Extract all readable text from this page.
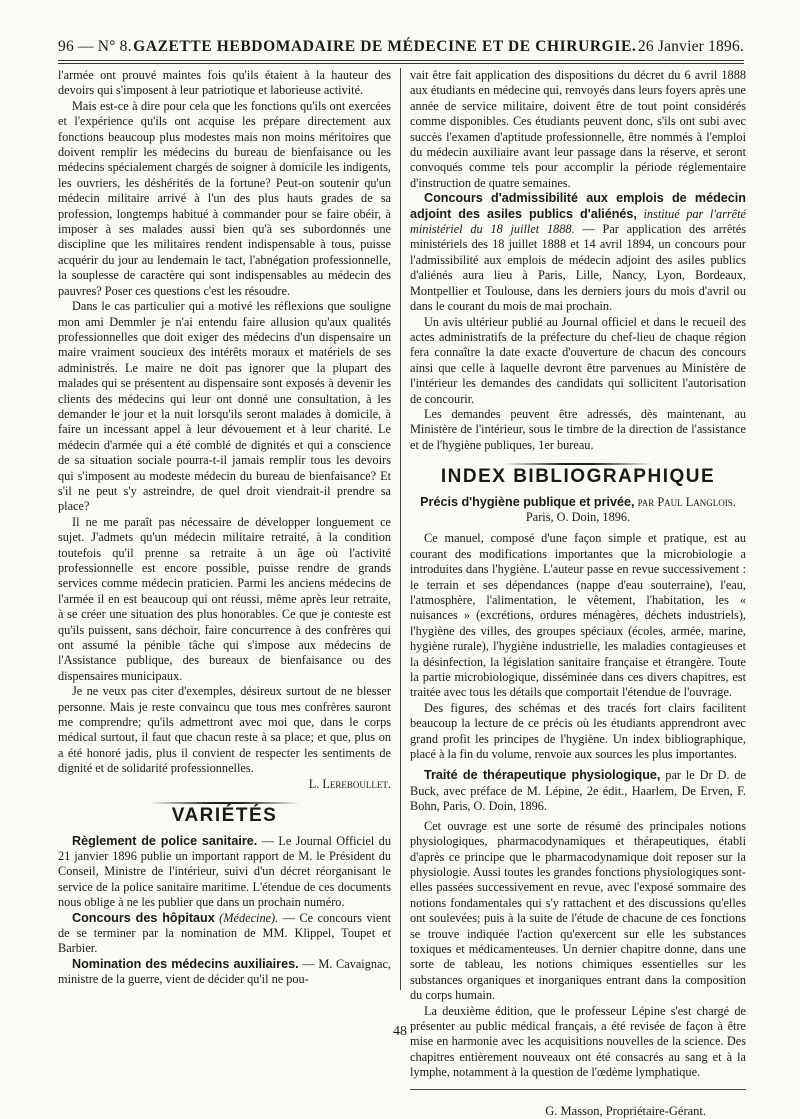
96 — N° 8. GAZETTE HEBDOMADAIRE DE MÉDECINE ET DE CHIRURGIE. 26 Janvier 1896.

l'armée ont prouvé maintes fois qu'ils étaient à la hauteur des devoirs qui s'imposent à leur patriotique et laborieuse activité.

Mais est-ce à dire pour cela que les fonctions qu'ils ont exercées et l'expérience qu'ils ont acquise les prépare directement aux fonctions beaucoup plus modestes mais non moins méritoires que doivent remplir les médecins du bureau de bienfaisance ou les médecins spécialement chargés de soigner à domicile les indigents, les ouvriers, les déshérités de la fortune? Peut-on soutenir qu'un médecin militaire arrivé à l'un des plus hauts grades de sa profession, longtemps habitué à commander pour se faire obéir, à imposer à ses malades aussi bien qu'à ses subordonnés une discipline que les militaires rendent indispensable à tous, puisse acquérir du jour au lendemain le tact, l'abnégation professionnelle, la souplesse de caractère qui sont indispensables au médecin des pauvres? Poser ces questions c'est les résoudre.

Dans le cas particulier qui a motivé les réflexions que souligne mon ami Demmler je n'ai entendu faire allusion qu'aux qualités professionnelles que doit exiger des médecins d'un dispensaire un maire vraiment soucieux des intérêts moraux et matériels de ses administrés. Le maire ne doit pas ignorer que la plupart des malades qui se présentent au dispensaire sont exposés à devenir les clients des médecins qui leur ont donné une consultation, à les demander le jour et la nuit lorsqu'ils seront malades à domicile, à faire un incessant appel à leur dévouement et à leur charité. Le médecin d'armée qui a été comblé de dignités et qui a conscience de sa situation sociale pourra-t-il jamais remplir tous les devoirs qui s'imposent au modeste médecin du bureau de bienfaisance? Et s'il ne peut s'y astreindre, de quel droit viendrait-il prendre sa place?

Il ne me paraît pas nécessaire de développer longuement ce sujet. J'admets qu'un médecin militaire retraité, à la condition toutefois qu'il prenne sa retraite à un âge où l'activité professionnelle est encore possible, puisse rendre de grands services comme médecin praticien. Parmi les anciens médecins de l'armée il en est beaucoup qui ont réussi, même après leur retraite, à se créer une situation des plus honorables. Ce que je conteste est qu'ils puissent, sans déchoir, faire concurrence à des confrères qui ont assumé la pénible tâche qui s'impose aux médecins de l'Assistance publique, des bureaux de bienfaisance ou des dispensaires municipaux.

Je ne veux pas citer d'exemples, désireux surtout de ne blesser personne. Mais je reste convaincu que tous mes confrères sauront me comprendre; qu'ils admettront avec moi que, dans le corps médical surtout, il faut que chacun reste à sa place; et que, plus on a été honoré jadis, plus il convient de respecter les sentiments de dignité et de solidarité professionnelles.

L. Lereboullet.
VARIÉTÉS

Règlement de police sanitaire. — Le Journal Officiel du 21 janvier 1896 publie un important rapport de M. le Président du Conseil, Ministre de l'intérieur, suivi d'un décret réorganisant le service de la police sanitaire maritime. L'étendue de ces documents nous oblige à ne les publier que dans un prochain numéro.

Concours des hôpitaux (Médecine). — Ce concours vient de se terminer par la nomination de MM. Klippel, Toupet et Barbier.

Nomination des médecins auxiliaires. — M. Cavaignac, ministre de la guerre, vient de décider qu'il ne pou-

vait être fait application des dispositions du décret du 6 avril 1888 aux étudiants en médecine qui, renvoyés dans leurs foyers après une année de service militaire, doivent être de tout point considérés comme disponibles. Ces étudiants peuvent donc, s'ils ont subi avec succès l'examen d'aptitude professionnelle, être nommés à l'emploi du médecin auxiliaire avant leur passage dans la réserve, et seront convoqués comme tels pour accomplir la période réglementaire d'instruction de quatre semaines.

Concours d'admissibilité aux emplois de médecin adjoint des asiles publics d'aliénés, institué par l'arrêté ministériel du 18 juillet 1888. — Par application des arrêtés ministériels des 18 juillet 1888 et 14 avril 1894, un concours pour l'admissibilité aux emplois de médecin adjoint des asiles publics d'aliénés aura lieu à Paris, Lille, Nancy, Lyon, Bordeaux, Montpellier et Toulouse, dans les derniers jours du mois d'avril ou dans le courant du mois de mai prochain.

Un avis ultérieur publié au Journal officiel et dans le recueil des actes administratifs de la préfecture du chef-lieu de chaque région fera connaître la date exacte d'ouverture de chacun des concours ainsi que celle à laquelle devront être parvenues au Ministère de l'intérieur les demandes des candidats qui sollicitent l'autorisation de concourir.

Les demandes peuvent être adressés, dès maintenant, au Ministère de l'intérieur, sous le timbre de la direction de l'assistance et de l'hygiène publiques, 1er bureau.

INDEX BIBLIOGRAPHIQUE

Précis d'hygiène publique et privée, par Paul Langlois.

Paris, O. Doin, 1896.

Ce manuel, composé d'une façon simple et pratique, est au courant des modifications importantes que la microbiologie a introduites dans l'hygiène. L'auteur passe en revue successivement : le terrain et ses dépendances (nappe d'eau souterraine), l'eau, l'atmosphère, l'alimentation, le vêtement, l'habitation, les « nuisances » (excrétions, ordures ménagères, déchets industriels), l'hygiène des villes, des groupes spéciaux (écoles, armée, marine, hygiène rurale), l'hygiène industrielle, les maladies contagieuses et la désinfection, la législation sanitaire française et étrangère. Toute la partie microbiologique, disséminée dans ces divers chapitres, est traitée avec tous les détails que comportait l'étendue de l'ouvrage.

Des figures, des schémas et des tracés fort clairs facilitent beaucoup la lecture de ce précis où les étudiants apprendront avec grand profit les principes de l'hygiène. Un index bibliographique, placé à la fin du volume, renvoie aux sources les plus importantes.

Traité de thérapeutique physiologique, par le Dr D. de Buck, avec préface de M. Lépine, 2e édit., Haarlem, De Erven, F. Bohn, Paris, O. Doin, 1896.

Cet ouvrage est une sorte de résumé des principales notions physiologiques, pharmacodynamiques et thérapeutiques, établi d'après ce principe que le pharmacodynamique doit reposer sur la physiologie. Aussi toutes les grandes fonctions physiologiques sont-elles passées successivement en revue, avec l'exposé sommaire des notions fondamentales qui s'y rattachent et des discussions qu'elles ont soulevées; puis à la suite de l'étude de chacune de ces fonctions se trouve indiquée l'action qu'exercent sur elle les substances toxiques et médicamenteuses. Un dernier chapitre donne, dans une sorte de tableau, les notions chimiques essentielles sur les substances organiques et inorganiques entrant dans la composition du corps humain.

La deuxième édition, que le professeur Lépine s'est chargé de présenter au public médical français, a été revisée de façon à être mise en harmonie avec les acquisitions nouvelles de la science. Des chapitres entièrement nouveaux ont été consacrés au sang et à la lymphe, notamment à la question de l'œdème lymphatique.

G. Masson, Propriétaire-Gérant.
48
